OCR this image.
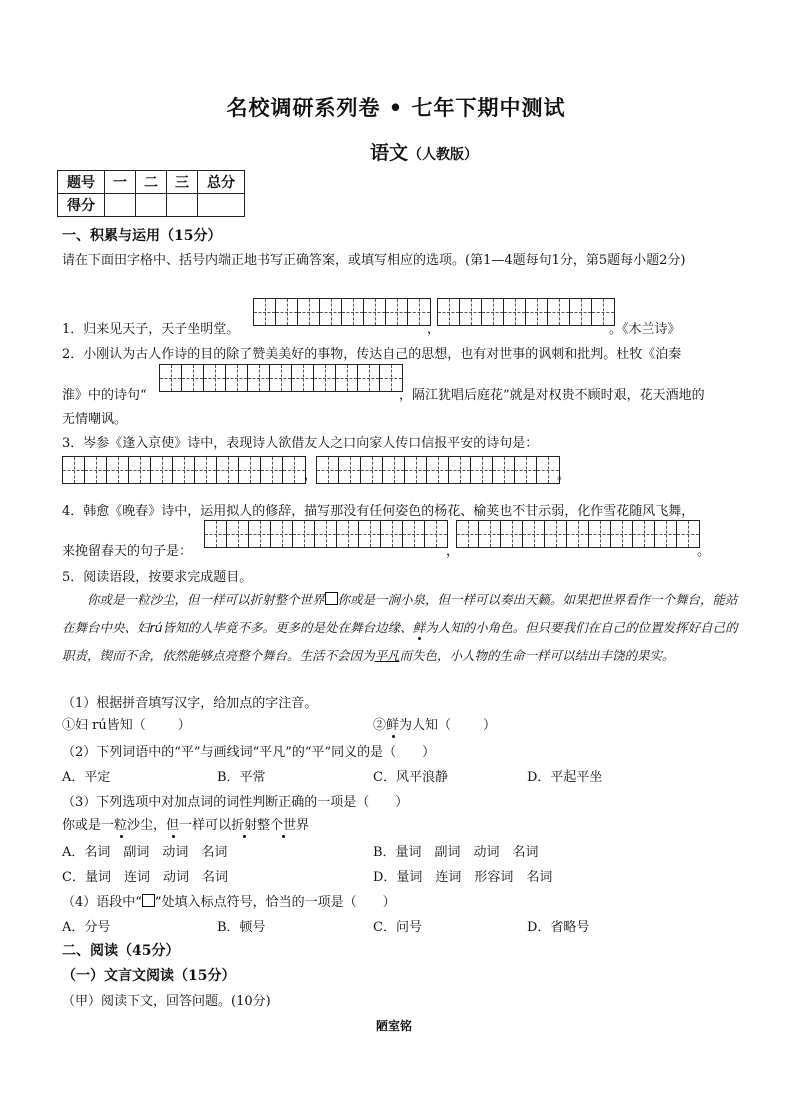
名校调研系列卷 • 七年下期中测试
语文（人教版）
题号	一	二	三	总分
得分				
一、积累与运用（15分）
请在下面田字格中、括号内端正地书写正确答案，或填写相应的选项。(第1—4题每句1分，第5题每小题2分)
1．归来见天子，天子坐明堂。	，	。《木兰诗》
2．小刚认为古人作诗的目的除了赞美美好的事物，传达自己的思想，也有对世事的讽刺和批判。杜牧《泊秦
淮》中的诗句“	，隔江犹唱后庭花”就是对权贵不顾时艰，花天酒地的
无情嘲讽。
3．岑参《逢入京使》诗中，表现诗人欲借友人之口向家人传口信报平安的诗句是：
，	。
4．韩愈《晚春》诗中，运用拟人的修辞，描写那没有任何姿色的杨花、榆荚也不甘示弱，化作雪花随风飞舞，
来挽留春天的句子是：	，	。
5．阅读语段，按要求完成题目。
你或是一粒沙尘，但一样可以折射整个世界 你或是一涧小泉，但一样可以奏出天籁。如果把世界看作一个舞台，能站在舞台中央、妇rú皆知的人毕竟不多。更多的是处在舞台边缘、鲜为人知的小角色。但只要我们在自己的位置发挥好自己的职责，锲而不舍，依然能够点亮整个舞台。生活不会因为平凡而失色，小人物的生命一样可以结出丰饶的果实。
（1）根据拼音填写汉字，给加点的字注音。
①妇 rú皆知（ ）	②鲜为人知（ ）
（2）下列词语中的“平”与画线词“平凡”的“平”同义的是（　　）
A．平定	B．平常	C．风平浪静	D．平起平坐
（3）下列选项中对加点词的词性判断正确的一项是（　　）
你或是一粒沙尘，但一样可以折射整个世界
A．名词　副词　动词　名词	B．量词　副词　动词　名词
C．量词　连词　动词　名词	D．量词　连词　形容词　名词
（4）语段中“ ”处填入标点符号，恰当的一项是（　　）
A．分号	B．顿号	C．问号	D．省略号
二、阅读（45分）
（一）文言文阅读（15分）
（甲）阅读下文，回答问题。(10分)
陋室铭
